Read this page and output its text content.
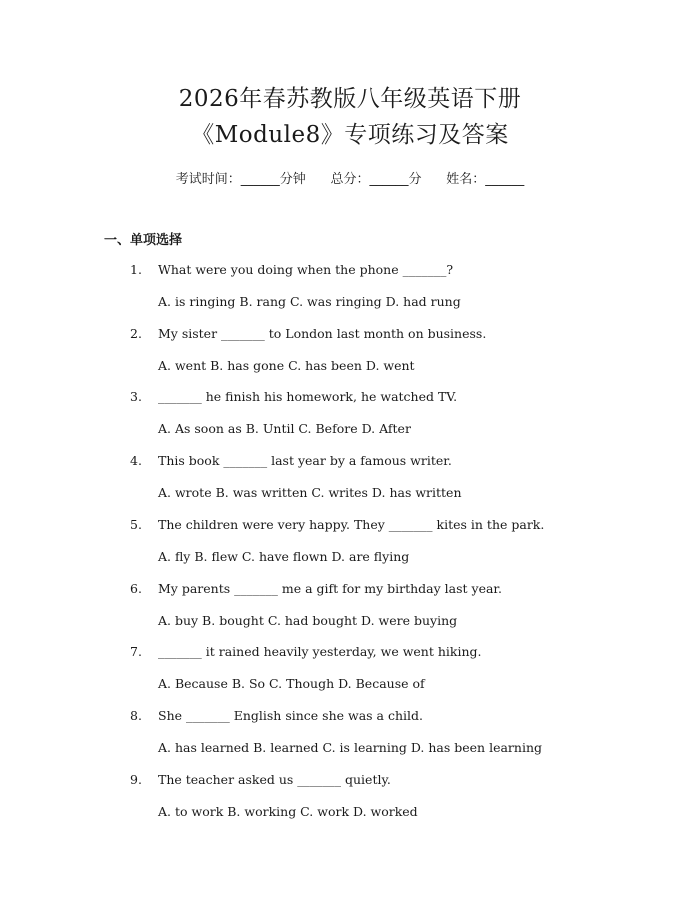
2026年春苏教版八年级英语下册
《Module8》专项练习及答案
考试时间：______分钟      总分：______分      姓名：______
一、单项选择
1. What were you doing when the phone _______?
A. is ringing B. rang C. was ringing D. had rung
2. My sister _______ to London last month on business.
A. went B. has gone C. has been D. went
3. _______ he finish his homework, he watched TV.
A. As soon as B. Until C. Before D. After
4. This book _______ last year by a famous writer.
A. wrote B. was written C. writes D. has written
5. The children were very happy. They _______ kites in the park.
A. fly B. flew C. have flown D. are flying
6. My parents _______ me a gift for my birthday last year.
A. buy B. bought C. had bought D. were buying
7. _______ it rained heavily yesterday, we went hiking.
A. Because B. So C. Though D. Because of
8. She _______ English since she was a child.
A. has learned B. learned C. is learning D. has been learning
9. The teacher asked us _______ quietly.
A. to work B. working C. work D. worked
